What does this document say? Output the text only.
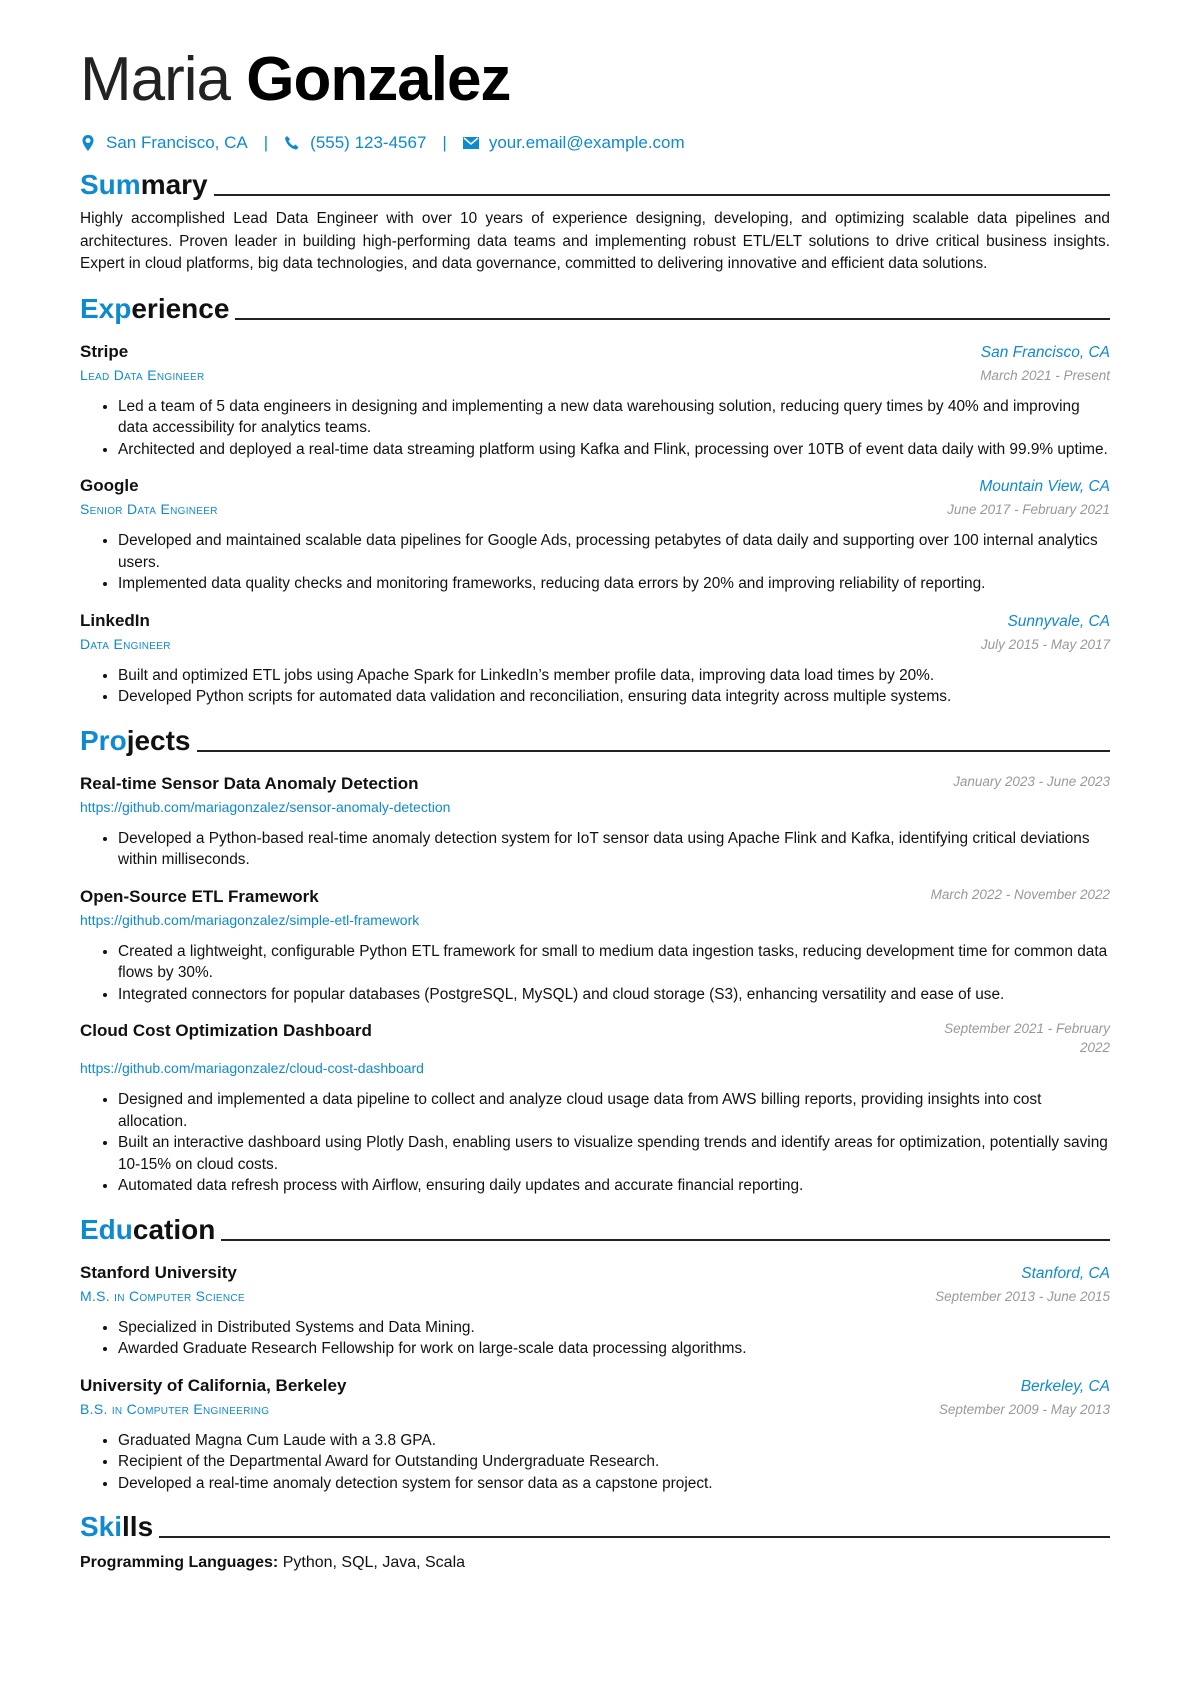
Maria Gonzalez
San Francisco, CA | (555) 123-4567 | your.email@example.com
Summary

Highly accomplished Lead Data Engineer with over 10 years of experience designing, developing, and optimizing scalable data pipelines and architectures. Proven leader in building high-performing data teams and implementing robust ETL/ELT solutions to drive critical business insights. Expert in cloud platforms, big data technologies, and data governance, committed to delivering innovative and efficient data solutions.

Experience
Stripe	San Francisco, CA
Lead Data Engineer	March 2021 - Present
• Led a team of 5 data engineers in designing and implementing a new data warehousing solution, reducing query times by 40% and improving data accessibility for analytics teams.
• Architected and deployed a real-time data streaming platform using Kafka and Flink, processing over 10TB of event data daily with 99.9% uptime.
Google	Mountain View, CA
Senior Data Engineer	June 2017 - February 2021
• Developed and maintained scalable data pipelines for Google Ads, processing petabytes of data daily and supporting over 100 internal analytics users.
• Implemented data quality checks and monitoring frameworks, reducing data errors by 20% and improving reliability of reporting.
LinkedIn	Sunnyvale, CA
Data Engineer	July 2015 - May 2017
• Built and optimized ETL jobs using Apache Spark for LinkedIn’s member profile data, improving data load times by 20%.
• Developed Python scripts for automated data validation and reconciliation, ensuring data integrity across multiple systems.
Projects
Real-time Sensor Data Anomaly Detection	January 2023 - June 2023
https://github.com/mariagonzalez/sensor-anomaly-detection
• Developed a Python-based real-time anomaly detection system for IoT sensor data using Apache Flink and Kafka, identifying critical deviations within milliseconds.
Open-Source ETL Framework	March 2022 - November 2022
https://github.com/mariagonzalez/simple-etl-framework
• Created a lightweight, configurable Python ETL framework for small to medium data ingestion tasks, reducing development time for common data flows by 30%.
• Integrated connectors for popular databases (PostgreSQL, MySQL) and cloud storage (S3), enhancing versatility and ease of use.
Cloud Cost Optimization Dashboard	September 2021 - February 2022
https://github.com/mariagonzalez/cloud-cost-dashboard
• Designed and implemented a data pipeline to collect and analyze cloud usage data from AWS billing reports, providing insights into cost allocation.
• Built an interactive dashboard using Plotly Dash, enabling users to visualize spending trends and identify areas for optimization, potentially saving 10-15% on cloud costs.
• Automated data refresh process with Airflow, ensuring daily updates and accurate financial reporting.
Education
Stanford University	Stanford, CA
M.S. in Computer Science	September 2013 - June 2015
• Specialized in Distributed Systems and Data Mining.
• Awarded Graduate Research Fellowship for work on large-scale data processing algorithms.
University of California, Berkeley	Berkeley, CA
B.S. in Computer Engineering	September 2009 - May 2013
• Graduated Magna Cum Laude with a 3.8 GPA.
• Recipient of the Departmental Award for Outstanding Undergraduate Research.
• Developed a real-time anomaly detection system for sensor data as a capstone project.
Skills
Programming Languages: Python, SQL, Java, Scala
